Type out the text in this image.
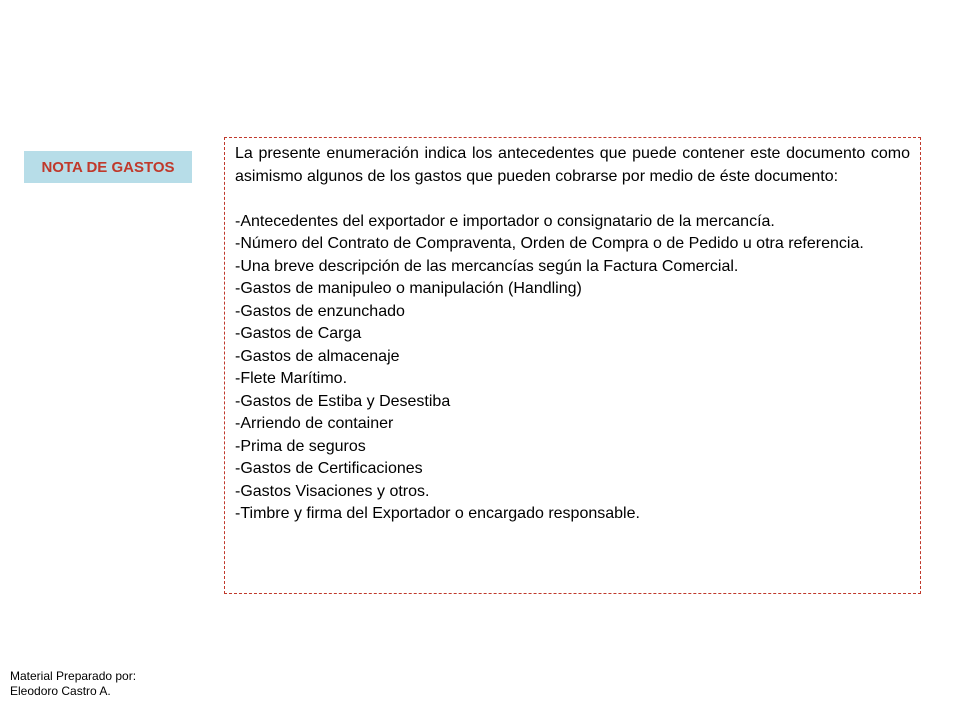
NOTA DE GASTOS

La presente enumeración indica los antecedentes que puede contener este documento como asimismo algunos de los gastos que pueden cobrarse por medio de éste documento:

-Antecedentes del exportador e importador o consignatario de la mercancía.
-Número del Contrato de Compraventa, Orden de Compra o de Pedido u otra referencia.
-Una breve descripción de las mercancías según la Factura Comercial.
-Gastos de manipuleo o manipulación (Handling)
-Gastos de enzunchado
-Gastos de Carga
-Gastos de almacenaje
-Flete Marítimo.
-Gastos de Estiba y Desestiba
-Arriendo de container
-Prima de seguros
-Gastos de Certificaciones
-Gastos Visaciones y otros.
-Timbre y firma del Exportador o encargado responsable.
Material Preparado por:
Eleodoro Castro A.
